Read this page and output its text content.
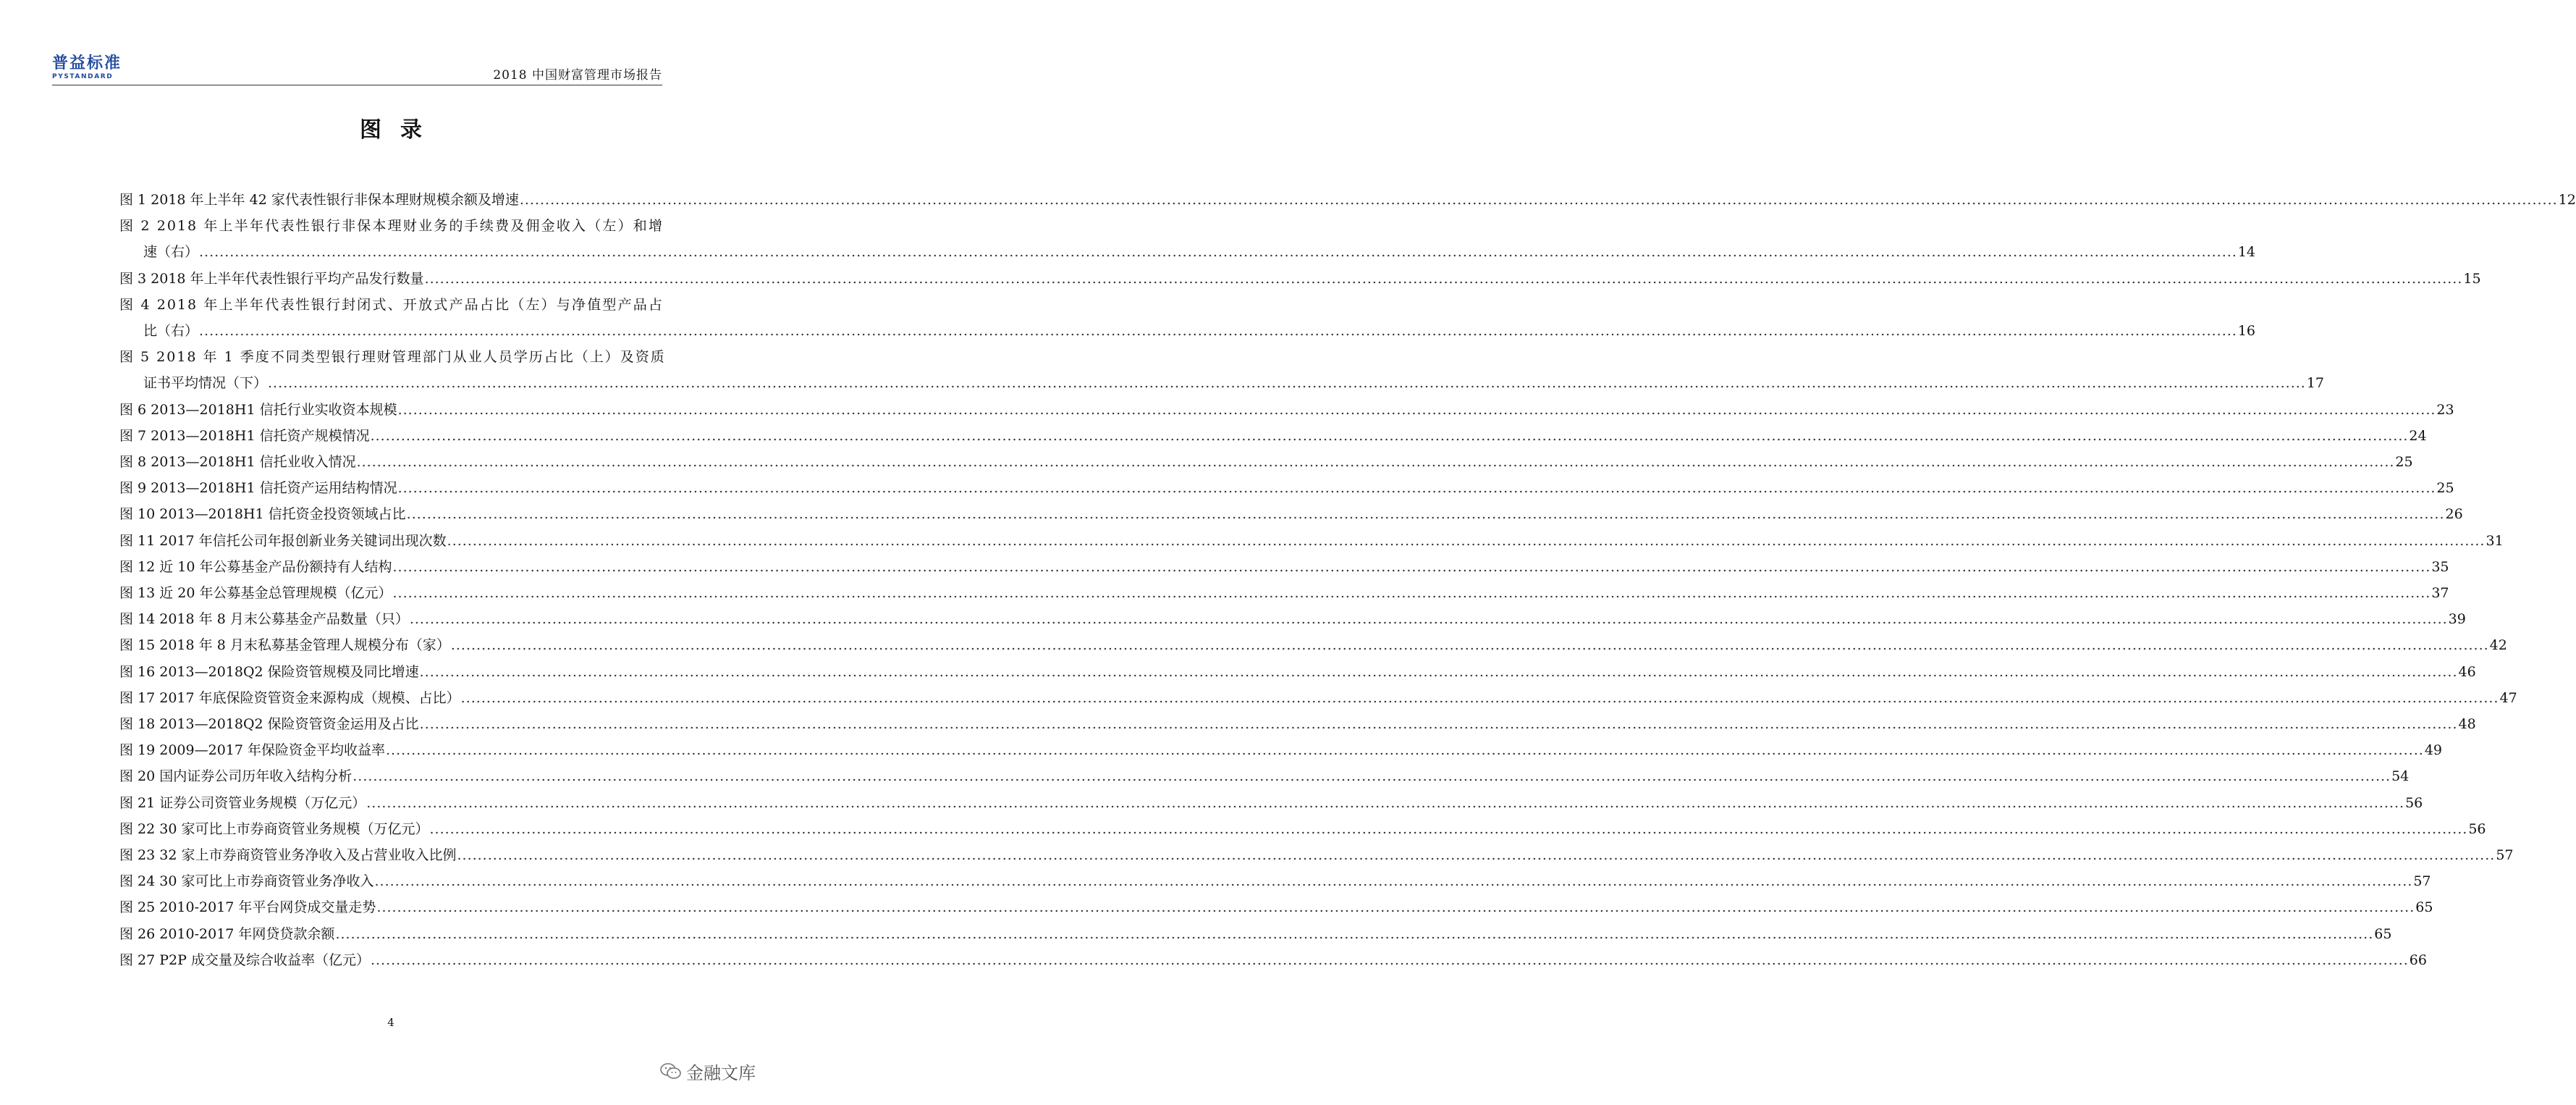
普益标准
PYSTANDARD	2018 中国财富管理市场报告
图录
图 1 2018 年上半年 42 家代表性银行非保本理财规模余额及增速 ................................................................................................................................................................................................................................................................................................................................................................................................................ 12
图 2 2018 年上半年代表性银行非保本理财业务的手续费及佣金收入（左）和增
速（右） ................................................................................................................................................................................................................................................................................................................................................................................................................ 14
图 3 2018 年上半年代表性银行平均产品发行数量 ................................................................................................................................................................................................................................................................................................................................................................................................................ 15
图 4 2018 年上半年代表性银行封闭式、开放式产品占比（左）与净值型产品占
比（右） ................................................................................................................................................................................................................................................................................................................................................................................................................ 16
图 5 2018 年 1 季度不同类型银行理财管理部门从业人员学历占比（上）及资质
证书平均情况（下） ................................................................................................................................................................................................................................................................................................................................................................................................................ 17
图 6 2013—2018H1 信托行业实收资本规模 ................................................................................................................................................................................................................................................................................................................................................................................................................ 23
图 7 2013—2018H1 信托资产规模情况 ................................................................................................................................................................................................................................................................................................................................................................................................................ 24
图 8 2013—2018H1 信托业收入情况 ................................................................................................................................................................................................................................................................................................................................................................................................................ 25
图 9 2013—2018H1 信托资产运用结构情况 ................................................................................................................................................................................................................................................................................................................................................................................................................ 25
图 10 2013—2018H1 信托资金投资领域占比 ................................................................................................................................................................................................................................................................................................................................................................................................................ 26
图 11 2017 年信托公司年报创新业务关键词出现次数 ................................................................................................................................................................................................................................................................................................................................................................................................................ 31
图 12 近 10 年公募基金产品份额持有人结构 ................................................................................................................................................................................................................................................................................................................................................................................................................ 35
图 13 近 20 年公募基金总管理规模（亿元） ................................................................................................................................................................................................................................................................................................................................................................................................................ 37
图 14 2018 年 8 月末公募基金产品数量（只） ................................................................................................................................................................................................................................................................................................................................................................................................................ 39
图 15 2018 年 8 月末私募基金管理人规模分布（家） ................................................................................................................................................................................................................................................................................................................................................................................................................ 42
图 16 2013—2018Q2 保险资管规模及同比增速 ................................................................................................................................................................................................................................................................................................................................................................................................................ 46
图 17 2017 年底保险资管资金来源构成（规模、占比） ................................................................................................................................................................................................................................................................................................................................................................................................................ 47
图 18 2013—2018Q2 保险资管资金运用及占比 ................................................................................................................................................................................................................................................................................................................................................................................................................ 48
图 19 2009—2017 年保险资金平均收益率 ................................................................................................................................................................................................................................................................................................................................................................................................................ 49
图 20 国内证券公司历年收入结构分析 ................................................................................................................................................................................................................................................................................................................................................................................................................ 54
图 21 证券公司资管业务规模（万亿元） ................................................................................................................................................................................................................................................................................................................................................................................................................ 56
图 22 30 家可比上市券商资管业务规模（万亿元） ................................................................................................................................................................................................................................................................................................................................................................................................................ 56
图 23 32 家上市券商资管业务净收入及占营业收入比例 ................................................................................................................................................................................................................................................................................................................................................................................................................ 57
图 24 30 家可比上市券商资管业务净收入 ................................................................................................................................................................................................................................................................................................................................................................................................................ 57
图 25 2010-2017 年平台网贷成交量走势 ................................................................................................................................................................................................................................................................................................................................................................................................................ 65
图 26 2010-2017 年网贷贷款余额 ................................................................................................................................................................................................................................................................................................................................................................................................................ 65
图 27 P2P 成交量及综合收益率（亿元） ................................................................................................................................................................................................................................................................................................................................................................................................................ 66
4
金融文库
